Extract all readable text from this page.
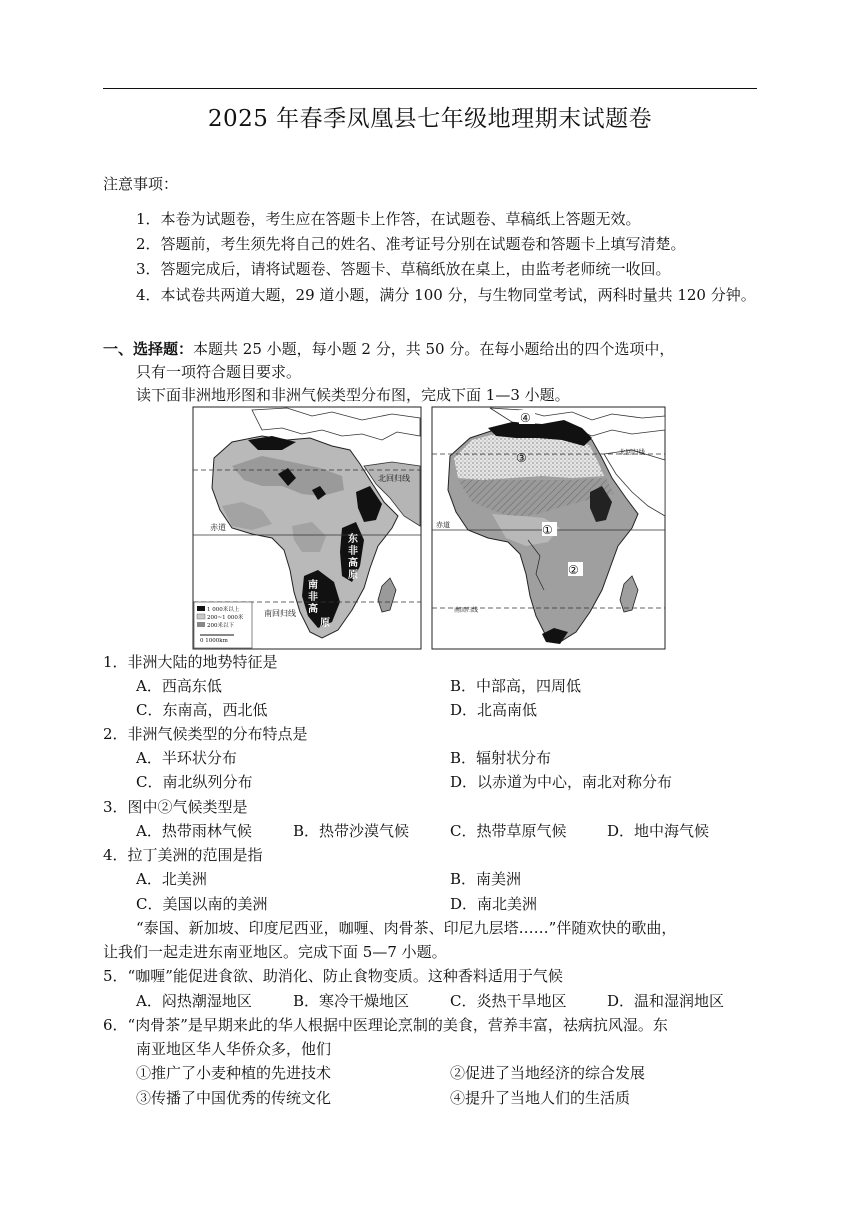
2025 年春季凤凰县七年级地理期末试题卷
注意事项：
1．本卷为试题卷，考生应在答题卡上作答，在试题卷、草稿纸上答题无效。
2．答题前，考生须先将自己的姓名、准考证号分别在试题卷和答题卡上填写清楚。
3．答题完成后，请将试题卷、答题卡、草稿纸放在桌上，由监考老师统一收回。
4．本试卷共两道大题，29 道小题，满分 100 分，与生物同堂考试，两科时量共 120 分钟。
一、选择题：本题共 25 小题，每小题 2 分，共 50 分。在每小题给出的四个选项中，
只有一项符合题目要求。
读下面非洲地形图和非洲气候类型分布图，完成下面 1—3 小题。
北回归线
赤道
南回归线
东
非
高
原
南
非
高
原
1 000米以上
200~1 000米
200米以下
0 1000km
北回归线
赤道
南回归线
④
③
①
②
1．非洲大陆的地势特征是
A．西高东低	B．中部高，四周低
C．东南高，西北低	D．北高南低
2．非洲气候类型的分布特点是
A．半环状分布	B．辐射状分布
C．南北纵列分布	D．以赤道为中心，南北对称分布
3．图中②气候类型是
A．热带雨林气候	B．热带沙漠气候	C．热带草原气候	D．地中海气候
4．拉丁美洲的范围是指
A．北美洲	B．南美洲
C．美国以南的美洲	D．南北美洲
“泰国、新加坡、印度尼西亚，咖喱、肉骨茶、印尼九层塔……”伴随欢快的歌曲，
让我们一起走进东南亚地区。完成下面 5—7 小题。
5．“咖喱”能促进食欲、助消化、防止食物变质。这种香料适用于气候
A．闷热潮湿地区	B．寒冷干燥地区	C．炎热干旱地区	D．温和湿润地区
6．“肉骨茶”是早期来此的华人根据中医理论烹制的美食，营养丰富，祛病抗风湿。东
南亚地区华人华侨众多，他们
①推广了小麦种植的先进技术	②促进了当地经济的综合发展
③传播了中国优秀的传统文化	④提升了当地人们的生活质
